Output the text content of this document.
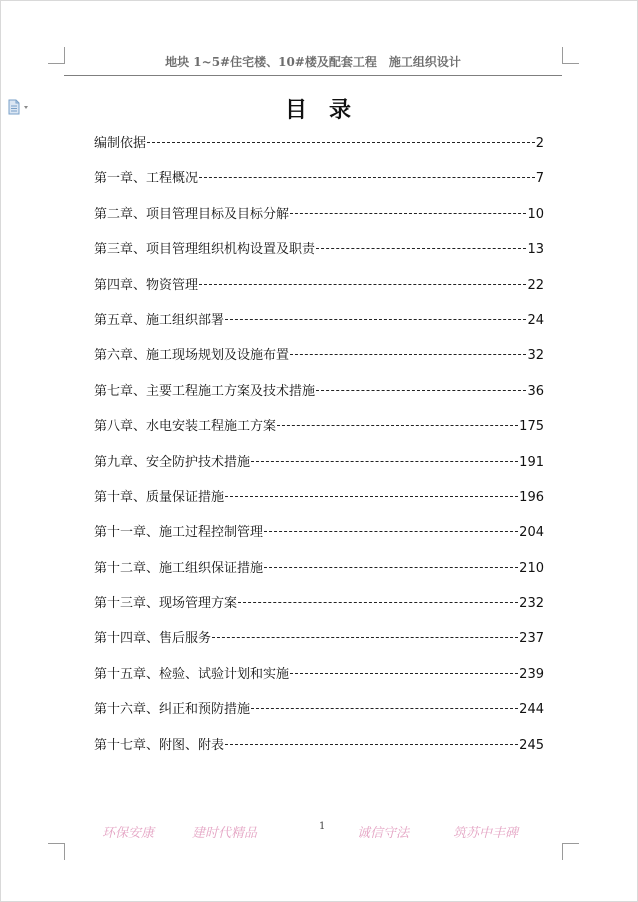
地块 1~5#住宅楼、10#楼及配套工程 施工组织设计
目录
编制依据	2
第一章、工程概况	7
第二章、项目管理目标及目标分解	10
第三章、项目管理组织机构设置及职责	13
第四章、物资管理	22
第五章、施工组织部署	24
第六章、施工现场规划及设施布置	32
第七章、主要工程施工方案及技术措施	36
第八章、水电安装工程施工方案	175
第九章、安全防护技术措施	191
第十章、质量保证措施	196
第十一章、施工过程控制管理	204
第十二章、施工组织保证措施	210
第十三章、现场管理方案	232
第十四章、售后服务	237
第十五章、检验、试验计划和实施	239
第十六章、纠正和预防措施	244
第十七章、附图、附表	245
环保安康	建时代精品	1 诚信守法	筑苏中丰碑
